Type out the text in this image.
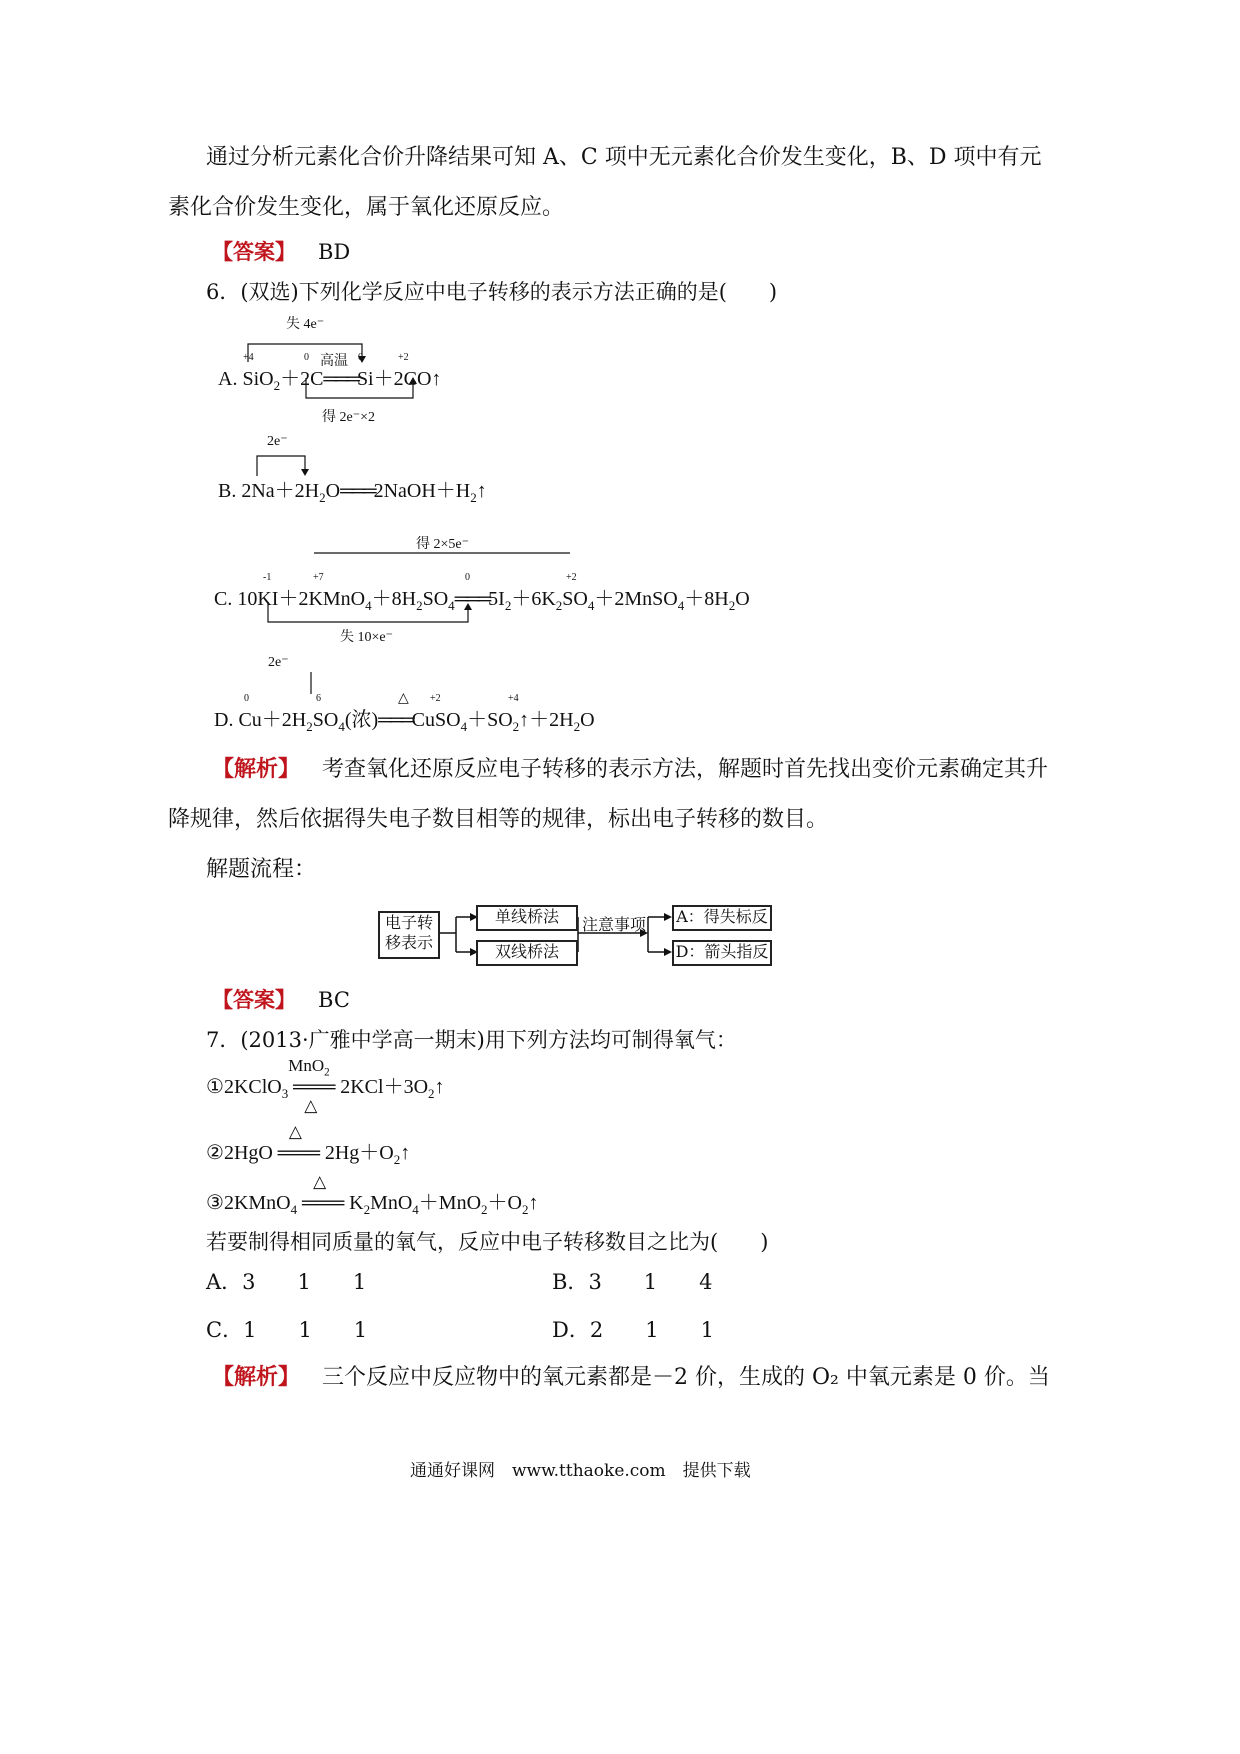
通过分析元素化合价升降结果可知 A、C 项中无元素化合价发生变化，B、D 项中有元
素化合价发生变化，属于氧化还原反应。
【答案】 BD
6．(双选)下列化学反应中电子转移的表示方法正确的是(　　)
失 4e⁻
+4	0	0	+2
高温
A. SiO$_2$＋2C═══Si＋2CO↑
得 2e⁻×2
2e⁻
B. $2Na+2H_2O═══2NaOH+H_2↑$
得 2×5e⁻
-1	+7	0	+2
C. $10KI+2KMnO_4+8H_2SO_4═══5I_2+6K_2SO_4+2MnSO_4+8H_2O$
失 10×e⁻
2e⁻
0	6	+2	+4
△
D. $Cu+2H_2SO_4$(浓)$═══CuSO_4+SO_2↑+2H_2O$
【解析】 考查氧化还原反应电子转移的表示方法，解题时首先找出变价元素确定其升
降规律，然后依据得失电子数目相等的规律，标出电子转移的数目。
解题流程：
电子转
移表示
单线桥法
双线桥法
注意事项 A：得失标反
D：箭头指反
【答案】 BC
7．(2013·广雅中学高一期末)用下列方法均可制得氧气：
①2KClO$_3$
MnO$_2$
═══
△
$2KCl+3O_2↑$
②2HgO
△
═══ $2Hg+O_2↑$
③2KMnO$_4$
△
═══ $K_2MnO_4+MnO_2+O_2↑$
若要制得相同质量的氧气，反应中电子转移数目之比为(　　)
A．3　　1　　1	B．3　　1　　4
C．1　　1　　1	D．2　　1　　1
【解析】 三个反应中反应物中的氧元素都是－2 价，生成的 O₂ 中氧元素是 0 价。当
通通好课网　www.tthaoke.com　提供下载
